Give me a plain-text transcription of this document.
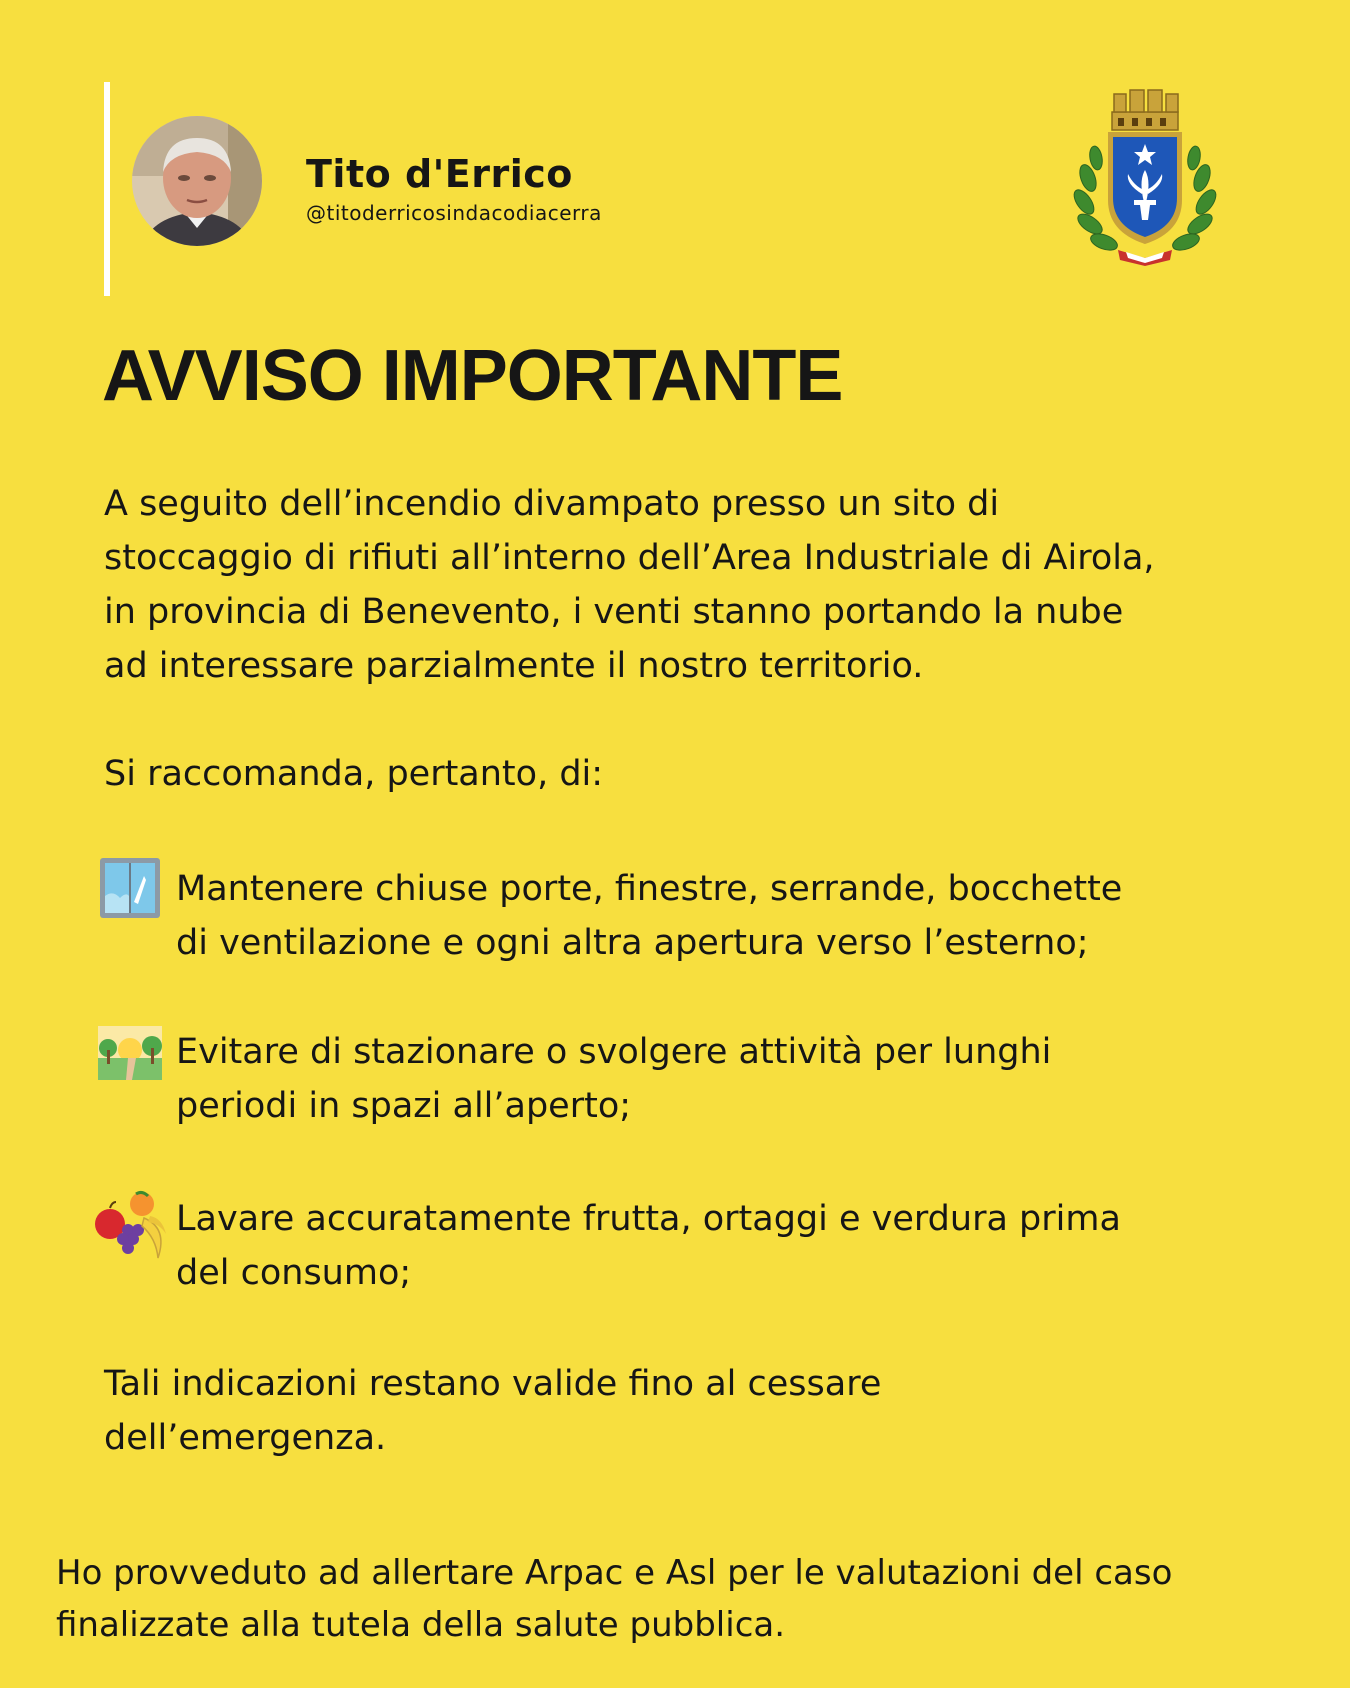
Tito d'Errico
@titoderricosindacodiacerra
AVVISO IMPORTANTE

A seguito dell’incendio divampato presso un sito di
stoccaggio di rifiuti all’interno dell’Area Industriale di Airola,
in provincia di Benevento, i venti stanno portando la nube
ad interessare parzialmente il nostro territorio.

Si raccomanda, pertanto, di:

Mantenere chiuse porte, finestre, serrande, bocchette
di ventilazione e ogni altra apertura verso l’esterno;

Evitare di stazionare o svolgere attività per lunghi
periodi in spazi all’aperto;

Lavare accuratamente frutta, ortaggi e verdura prima
del consumo;

Tali indicazioni restano valide fino al cessare
dell’emergenza.

Ho provveduto ad allertare Arpac e Asl per le valutazioni del caso
finalizzate alla tutela della salute pubblica.
